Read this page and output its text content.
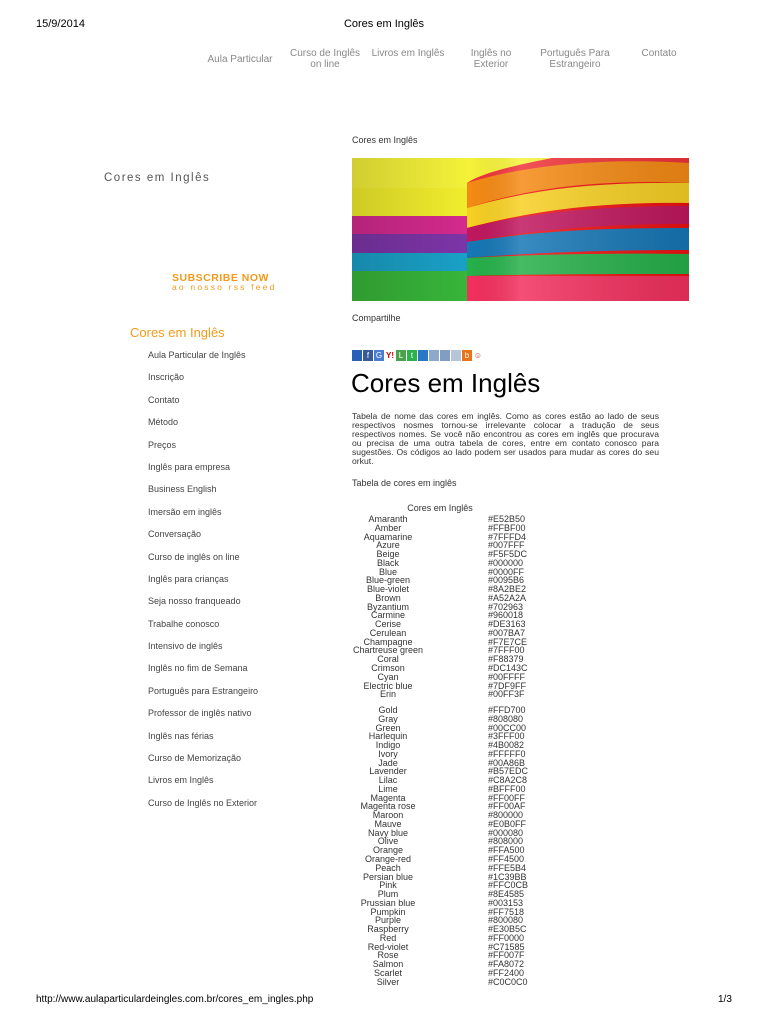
15/9/2014	Cores em Inglês
Aula Particular
Curso de Inglês on line
Livros em Inglês	Inglês no Exterior
Português Para Estrangeiro
Contato
Cores em Inglês
SUBSCRIBE NOW
ao nosso rss feed
Cores em Inglês
Aula Particular de Inglês
Inscrição
Contato
Método
Preços
Inglês para empresa
Business English
Imersão em inglês
Conversação
Curso de inglês on line
Inglês para crianças
Seja nosso franqueado
Trabalhe conosco
Intensivo de inglês
Inglês no fim de Semana
Português para Estrangeiro
Professor de inglês nativo
Inglês nas férias
Curso de Memorização
Livros em Inglês
Curso de Inglês no Exterior
Cores em Inglês
Compartilhe
f G Y! L t	b ☺
Cores em Inglês

Tabela de nome das cores em inglês. Como as cores estão ao lado de seus respectivos nosmes tornou-se irrelevante colocar a tradução de seus respectivos nomes. Se você não encontrou as cores em inglês que procurava ou precisa de uma outra tabela de cores, entre em contato conosco para sugestões. Os códigos ao lado podem ser usados para mudar as cores do seu orkut.

Tabela de cores em inglês
Cores em Inglês
Amaranth	#E52B50
Amber	#FFBF00
Aquamarine	#7FFFD4
Azure	#007FFF
Beige	#F5F5DC
Black	#000000
Blue	#0000FF
Blue-green	#0095B6
Blue-violet	#8A2BE2
Brown	#A52A2A
Byzantium	#702963
Carmine	#960018
Cerise	#DE3163
Cerulean	#007BA7
Champagne	#F7E7CE
Chartreuse green	#7FFF00
Coral	#F88379
Crimson	#DC143C
Cyan	#00FFFF
Electric blue	#7DF9FF
Erin	#00FF3F
Gold	#FFD700
Gray	#808080
Green	#00CC00
Harlequin	#3FFF00
Indigo	#4B0082
Ivory	#FFFFF0
Jade	#00A86B
Lavender	#B57EDC
Lilac	#C8A2C8
Lime	#BFFF00
Magenta	#FF00FF
Magenta rose	#FF00AF
Maroon	#800000
Mauve	#E0B0FF
Navy blue	#000080
Olive	#808000
Orange	#FFA500
Orange-red	#FF4500
Peach	#FFE5B4
Persian blue	#1C39BB
Pink	#FFC0CB
Plum	#8E4585
Prussian blue	#003153
Pumpkin	#FF7518
Purple	#800080
Raspberry	#E30B5C
Red	#FF0000
Red-violet	#C71585
Rose	#FF007F
Salmon	#FA8072
Scarlet	#FF2400
Silver	#C0C0C0
http://www.aulaparticulardeingles.com.br/cores_em_ingles.php	1/3
